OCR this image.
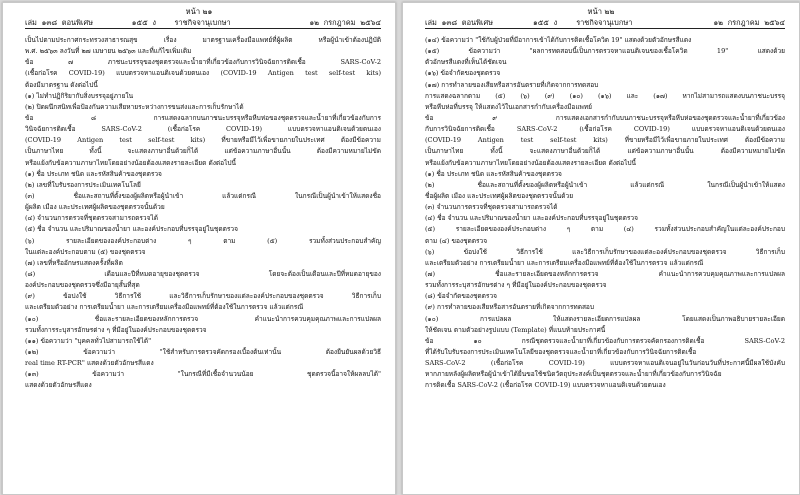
หน้า ๒๑
เล่ม  ๑๓๘  ตอนพิเศษ	๑๕๕  ง	ราชกิจจานุเบกษา	๑๒  กรกฎาคม  ๒๕๖๔
เป็นไปตามประกาศกระทรวงสาธารณสุข เรื่อง มาตรฐานเครื่องมือแพทย์ที่ผู้ผลิต หรือผู้นำเข้าต้องปฏิบัติ
พ.ศ. ๒๕๖๓ ลงวันที่ ๒๗ เมษายน ๒๕๖๓ และที่แก้ไขเพิ่มเติม
ข้อ ๗ ภาชนะบรรจุของชุดตรวจและน้ำยาที่เกี่ยวข้องกับการวินิจฉัยการติดเชื้อ SARS-CoV-2
(เชื้อก่อโรค COVID-19) แบบตรวจหาแอนติเจนด้วยตนเอง (COVID-19 Antigen test self-test kits)
ต้องมีมาตรฐาน ดังต่อไปนี้
(๑) ไม่ทำปฏิกิริยากับสิ่งบรรจุอยู่ภายใน
(๒) ปิดผนึกสนิทเพื่อป้องกันความเสียหายระหว่างการขนส่งและการเก็บรักษาได้
ข้อ ๘ การแสดงฉลากบนภาชนะบรรจุหรือหีบห่อของชุดตรวจและน้ำยาที่เกี่ยวข้องกับการ
วินิจฉัยการติดเชื้อ SARS-CoV-2 (เชื้อก่อโรค COVID-19) แบบตรวจหาแอนติเจนด้วยตนเอง
(COVID-19 Antigen test self-test kits) ที่ขายหรือมีไว้เพื่อขายภายในประเทศ ต้องมีข้อความ
เป็นภาษาไทย ทั้งนี้ จะแสดงภาษาอื่นด้วยก็ได้ แต่ข้อความภาษาอื่นนั้น ต้องมีความหมายไม่ขัด
หรือแย้งกับข้อความภาษาไทยโดยอย่างน้อยต้องแสดงรายละเอียด ดังต่อไปนี้
(๑) ชื่อ ประเภท ชนิด และรหัสสินค้าของชุดตรวจ
(๒) เลขที่ใบรับรองการประเมินเทคโนโลยี
(๓) ชื่อและสถานที่ตั้งของผู้ผลิตหรือผู้นำเข้า แล้วแต่กรณี ในกรณีเป็นผู้นำเข้าให้แสดงชื่อ
ผู้ผลิต เมือง และประเทศผู้ผลิตของชุดตรวจนั้นด้วย
(๔) จำนวนการตรวจที่ชุดตรวจสามารถตรวจได้
(๕) ชื่อ จำนวน และปริมาณของน้ำยา และองค์ประกอบที่บรรจุอยู่ในชุดตรวจ
(๖) รายละเอียดขององค์ประกอบต่าง ๆ ตาม (๕) รวมทั้งส่วนประกอบสำคัญ
ในแต่ละองค์ประกอบตาม (๕) ของชุดตรวจ
(๗) เลขที่หรืออักษรแสดงครั้งที่ผลิต
(๘) เดือนและปีที่หมดอายุของชุดตรวจ โดยจะต้องเป็นเดือนและปีที่หมดอายุของ
องค์ประกอบของชุดตรวจซึ่งมีอายุสั้นที่สุด
(๙) ข้อบ่งใช้ วิธีการใช้ และวิธีการเก็บรักษาของแต่ละองค์ประกอบของชุดตรวจ วิธีการเก็บ
และเตรียมตัวอย่าง การเตรียมน้ำยา และการเตรียมเครื่องมือแพทย์ที่ต้องใช้ในการตรวจ แล้วแต่กรณี
(๑๐) ชื่อและรายละเอียดของหลักการตรวจ คำแนะนำการควบคุมคุณภาพและการแปลผล
รวมทั้งการระบุสารอักษรต่าง ๆ ที่มีอยู่ในองค์ประกอบของชุดตรวจ
(๑๑) ข้อความว่า "บุคคลทั่วไปสามารถใช้ได้"
(๑๒) ข้อความว่า "ใช้สำหรับการตรวจคัดกรองเบื้องต้นเท่านั้น ต้องยืนยันผลด้วยวิธี
real time RT-PCR" แสดงด้วยตัวอักษรสีแดง
(๑๓) ข้อความว่า "ในกรณีที่มีเชื้อจำนวนน้อย ชุดตรวจนี้อาจให้ผลลบได้"
แสดงด้วยตัวอักษรสีแดง
หน้า ๒๒
เล่ม  ๑๓๘  ตอนพิเศษ	๑๕๕  ง	ราชกิจจานุเบกษา	๑๒  กรกฎาคม  ๒๕๖๔
(๑๔) ข้อความว่า "ใช้กับผู้ป่วยที่มีอาการเข้าได้กับการติดเชื้อโควิด 19" แสดงด้วยตัวอักษรสีแดง
(๑๕) ข้อความว่า "ผลการทดสอบนี้เป็นการตรวจหาแอนติเจนของเชื้อโควิด 19" แสดงด้วย
ตัวอักษรสีแดงที่เห็นได้ชัดเจน
(๑๖) ข้อจำกัดของชุดตรวจ
(๑๗) การทำลายของเสียหรือสารอันตรายที่เกิดจากการทดสอบ
การแสดงฉลากตาม (๕) (๖) (๙) (๑๐) (๑๖) และ (๑๗) หากไม่สามารถแสดงบนภาชนะบรรจุ
หรือหีบห่อที่บรรจุ ให้แสดงไว้ในเอกสารกำกับเครื่องมือแพทย์
ข้อ ๙ การแสดงเอกสารกำกับบนภาชนะบรรจุหรือหีบห่อของชุดตรวจและน้ำยาที่เกี่ยวข้อง
กับการวินิจฉัยการติดเชื้อ SARS-CoV-2 (เชื้อก่อโรค COVID-19) แบบตรวจหาแอนติเจนด้วยตนเอง
(COVID-19 Antigen test self-test kits) ที่ขายหรือมีไว้เพื่อขายภายในประเทศ ต้องมีข้อความ
เป็นภาษาไทย ทั้งนี้ จะแสดงภาษาอื่นด้วยก็ได้ แต่ข้อความภาษาอื่นนั้น ต้องมีความหมายไม่ขัด
หรือแย้งกับข้อความภาษาไทยโดยอย่างน้อยต้องแสดงรายละเอียด ดังต่อไปนี้
(๑) ชื่อ ประเภท ชนิด และรหัสสินค้าของชุดตรวจ
(๒) ชื่อและสถานที่ตั้งของผู้ผลิตหรือผู้นำเข้า แล้วแต่กรณี ในกรณีเป็นผู้นำเข้าให้แสดง
ชื่อผู้ผลิต เมือง และประเทศผู้ผลิตของชุดตรวจนั้นด้วย
(๓) จำนวนการตรวจที่ชุดตรวจสามารถตรวจได้
(๔) ชื่อ จำนวน และปริมาณของน้ำยา และองค์ประกอบที่บรรจุอยู่ในชุดตรวจ
(๕) รายละเอียดขององค์ประกอบต่าง ๆ ตาม (๔) รวมทั้งส่วนประกอบสำคัญในแต่ละองค์ประกอบ
ตาม (๔) ของชุดตรวจ
(๖) ข้อบ่งใช้ วิธีการใช้ และวิธีการเก็บรักษาของแต่ละองค์ประกอบของชุดตรวจ วิธีการเก็บ
และเตรียมตัวอย่าง การเตรียมน้ำยา และการเตรียมเครื่องมือแพทย์ที่ต้องใช้ในการตรวจ แล้วแต่กรณี
(๗) ชื่อและรายละเอียดของหลักการตรวจ คำแนะนำการควบคุมคุณภาพและการแปลผล
รวมทั้งการระบุสารอักษรต่าง ๆ ที่มีอยู่ในองค์ประกอบของชุดตรวจ
(๘) ข้อจำกัดของชุดตรวจ
(๙) การทำลายของเสียหรือสารอันตรายที่เกิดจากการทดสอบ
(๑๐) การแปลผล ให้แสดงรายละเอียดการแปลผล โดยแสดงเป็นภาพอธิบายรายละเอียด
ให้ชัดเจน ตามตัวอย่างรูปแบบ (Template) ที่แนบท้ายประกาศนี้
ข้อ ๑๐ กรณีชุดตรวจและน้ำยาที่เกี่ยวข้องกับการตรวจคัดกรองการติดเชื้อ SARS-CoV-2
ที่ได้รับใบรับรองการประเมินเทคโนโลยีของชุดตรวจและน้ำยาที่เกี่ยวข้องกับการวินิจฉัยการติดเชื้อ
SARS-CoV-2 (เชื้อก่อโรค COVID-19) แบบตรวจหาแอนติเจนอยู่ในวันก่อนวันที่ประกาศนี้มีผลใช้บังคับ
หากภายหลังผู้ผลิตหรือผู้นำเข้าได้ยื่นขอใช้ชนิดวัตถุประสงค์เป็นชุดตรวจและน้ำยาที่เกี่ยวข้องกับการวินิจฉัย
การติดเชื้อ SARS-CoV-2 (เชื้อก่อโรค COVID-19) แบบตรวจหาแอนติเจนด้วยตนเอง
